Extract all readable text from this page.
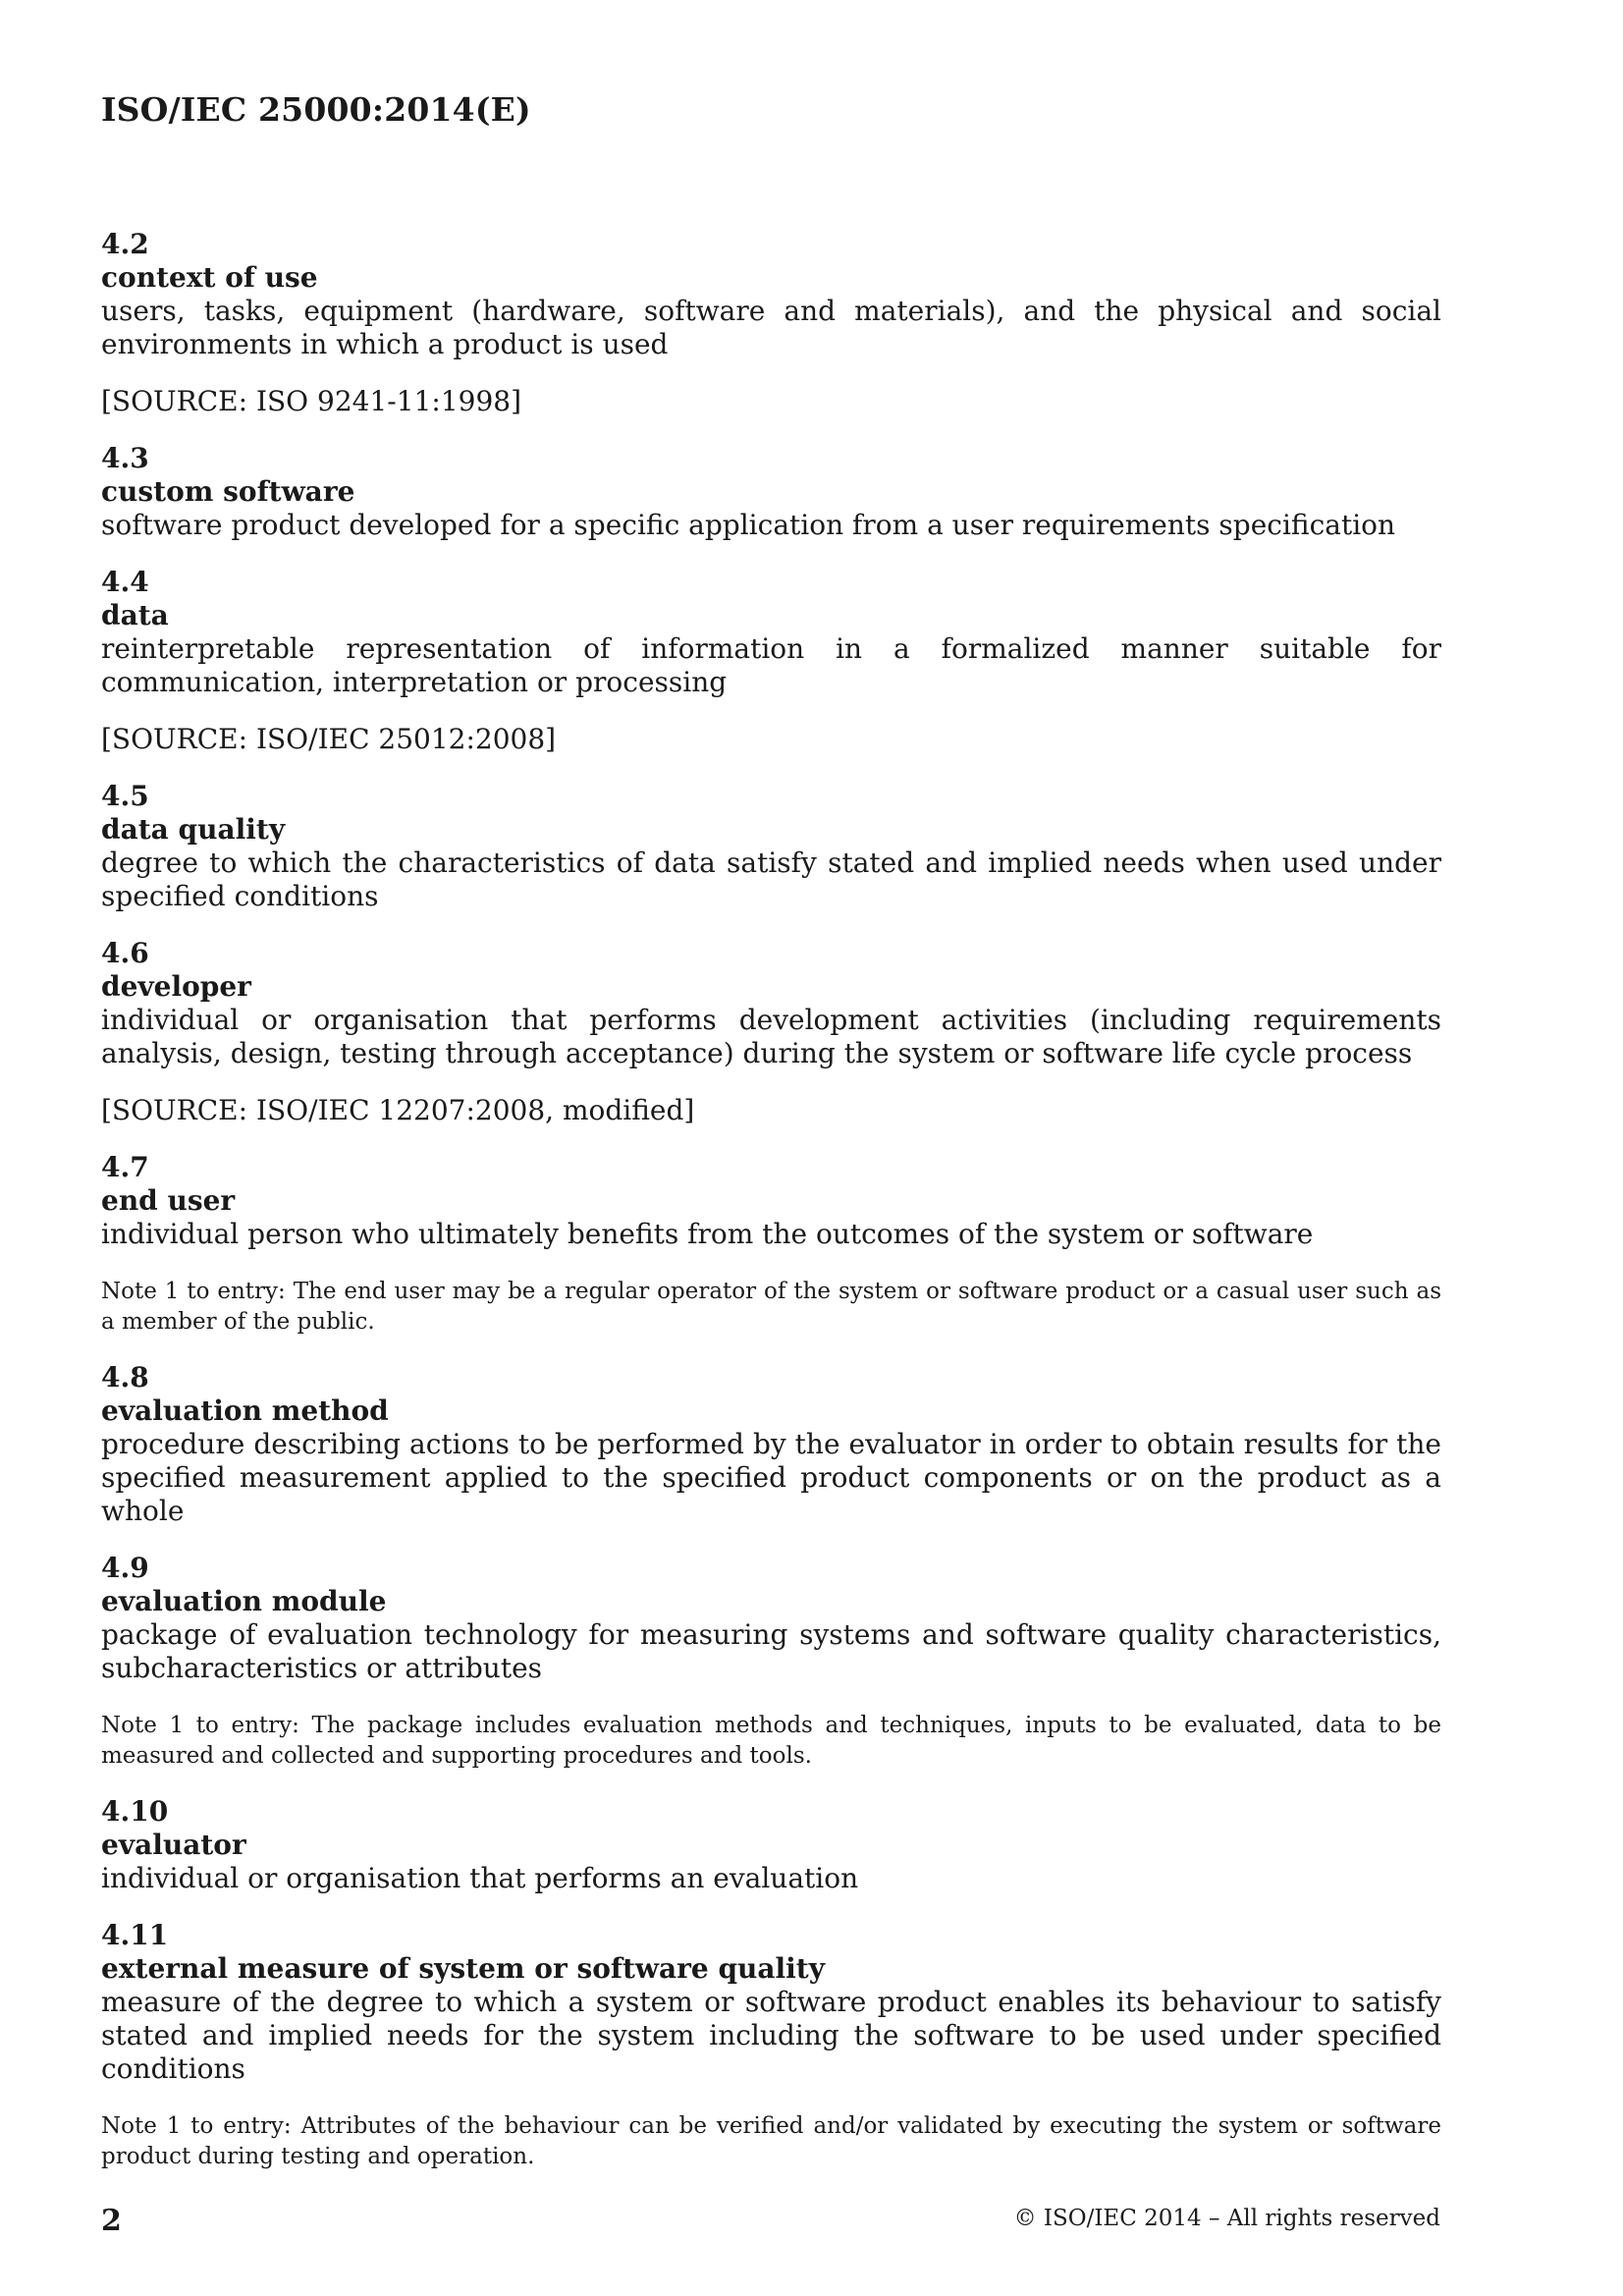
ISO/IEC 25000:2014(E)
4.2
context of use
users, tasks, equipment (hardware, software and materials), and the physical and social environments in which a product is used
[SOURCE: ISO 9241-11:1998]
4.3
custom software
software product developed for a specific application from a user requirements specification
4.4
data
reinterpretable representation of information in a formalized manner suitable for communication, interpretation or processing
[SOURCE: ISO/IEC 25012:2008]
4.5
data quality
degree to which the characteristics of data satisfy stated and implied needs when used under specified conditions
4.6
developer
individual or organisation that performs development activities (including requirements analysis, design, testing through acceptance) during the system or software life cycle process
[SOURCE: ISO/IEC 12207:2008, modified]
4.7
end user
individual person who ultimately benefits from the outcomes of the system or software
Note 1 to entry: The end user may be a regular operator of the system or software product or a casual user such as a member of the public.
4.8
evaluation method
procedure describing actions to be performed by the evaluator in order to obtain results for the specified measurement applied to the specified product components or on the product as a whole
4.9
evaluation module
package of evaluation technology for measuring systems and software quality characteristics, subcharacteristics or attributes
Note 1 to entry: The package includes evaluation methods and techniques, inputs to be evaluated, data to be measured and collected and supporting procedures and tools.
4.10
evaluator
individual or organisation that performs an evaluation
4.11
external measure of system or software quality
measure of the degree to which a system or software product enables its behaviour to satisfy stated and implied needs for the system including the software to be used under specified conditions
Note 1 to entry: Attributes of the behaviour can be verified and/or validated by executing the system or software product during testing and operation.
2	© ISO/IEC 2014 – All rights reserved
